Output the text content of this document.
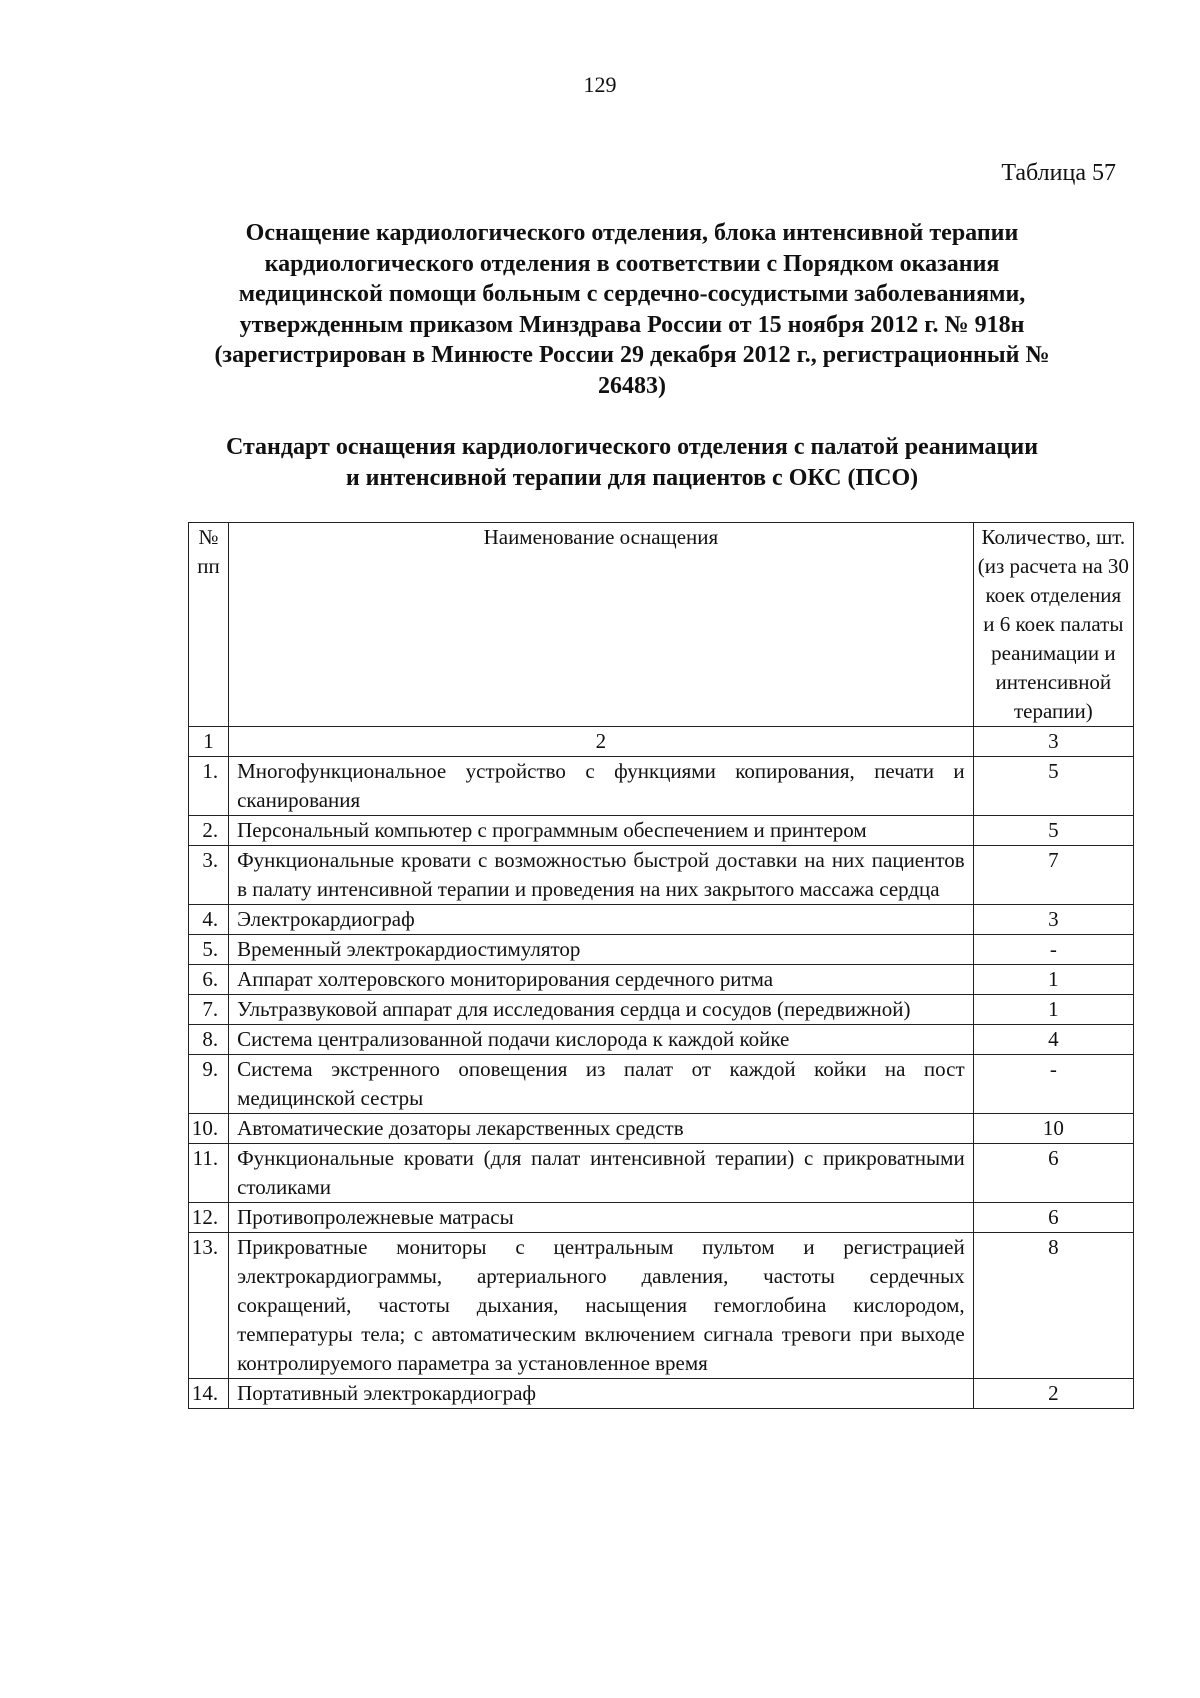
129
Таблица 57
Оснащение кардиологического отделения, блока интенсивной терапии кардиологического отделения в соответствии с Порядком оказания медицинской помощи больным с сердечно-сосудистыми заболеваниями, утвержденным приказом Минздрава России от 15 ноября 2012 г. № 918н (зарегистрирован в Минюсте России 29 декабря 2012 г., регистрационный № 26483)
Стандарт оснащения кардиологического отделения с палатой реанимации и интенсивной терапии для пациентов с ОКС (ПСО)
№ пп	Наименование оснащения	Количество, шт. (из расчета на 30 коек отделения и 6 коек палаты реанимации и интенсивной терапии)
1	2	3
1.	Многофункциональное устройство с функциями копирования, печати и сканирования	5
2.	Персональный компьютер с программным обеспечением и принтером	5
3.	Функциональные кровати с возможностью быстрой доставки на них пациентов в палату интенсивной терапии и проведения на них закрытого массажа сердца	7
4.	Электрокардиограф	3
5.	Временный электрокардиостимулятор	-
6.	Аппарат холтеровского мониторирования сердечного ритма	1
7.	Ультразвуковой аппарат для исследования сердца и сосудов (передвижной)	1
8.	Система централизованной подачи кислорода к каждой койке	4
9.	Система экстренного оповещения из палат от каждой койки на пост медицинской сестры	-
10.	Автоматические дозаторы лекарственных средств	10
11.	Функциональные кровати (для палат интенсивной терапии) с прикроватными столиками	6
12.	Противопролежневые матрасы	6
13.	Прикроватные мониторы с центральным пультом и регистрацией электрокардиограммы, артериального давления, частоты сердечных сокращений, частоты дыхания, насыщения гемоглобина кислородом, температуры тела; с автоматическим включением сигнала тревоги при выходе контролируемого параметра за установленное время	8
14.	Портативный электрокардиограф	2
